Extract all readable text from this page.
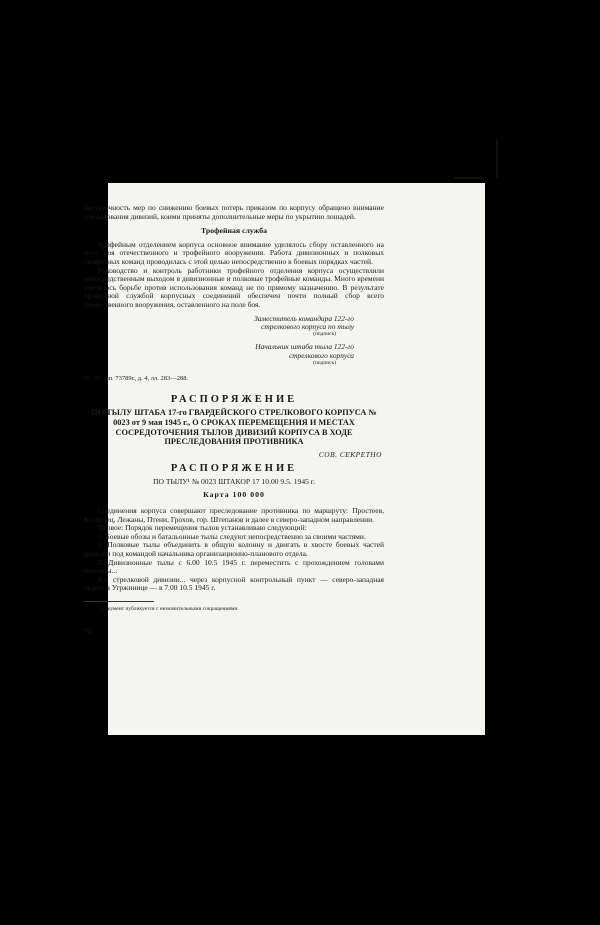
достаточность мер по снижению боевых потерь приказом по корпусу обращено внимание командования дивизий, коими приняты дополнительные меры по укрытию лошадей.

Трофейная служба

Трофейным отделением корпуса основное внимание уделялось сбору оставленного на поле боя отечественного и трофейного вооружения. Работа дивизионных и полковых трофейных команд проводилась с этой целью непосредственно в боевых порядках частей.

Руководство и контроль работники трофейного отделения корпуса осуществляли непосредственным выходом в дивизионные и полковые трофейные команды. Много времени уделялось борьбе против использования команд не по прямому назначению. В результате трофейной службой корпусных соединений обеспечен почти полный сбор всего отечественного вооружения, оставленного на поле боя.

Заместитель командира 122-го
стрелкового корпуса по тылу
(подпись)
Начальник штаба тыла 122-го
стрелкового корпуса
(подпись)
Ф. 397, оп. 73789с, д. 4, лл. 283—288.
РАСПОРЯЖЕНИЕ
ПО ТЫЛУ ШТАБА 17-го ГВАРДЕЙСКОГО СТРЕЛКОВОГО КОРПУСА № 0023 от 9 мая 1945 г., О СРОКАХ ПЕРЕМЕЩЕНИЯ И МЕСТАХ СОСРЕДОТОЧЕНИЯ ТЫЛОВ ДИВИЗИЙ КОРПУСА В ХОДЕ ПРЕСЛЕДОВАНИЯ ПРОТИВНИКА
СОВ. СЕКРЕТНО
РАСПОРЯЖЕНИЕ
ПО ТЫЛУ¹ № 0023 ШТАКОР 17 10.00 9.5. 1945 г.
Карта 100 000

Соединения корпуса совершают преследование противника по маршруту: Простеев, Костелец, Лежаны, Птени, Грохов, гор. Штепанов и далее в северо-западном направлении.

Первое: Порядок перемещения тылов устанавливаю следующий:

1. Боевые обозы и батальонные тылы следуют непосредственно за своими частями.

2. Полковые тылы объединить в общую колонну и двигать в хвосте боевых частей дивизии под командой начальника организационно-планового отдела.

3. Дивизионные тылы с 6.00 10.5 1945 г. переместить с прохождением головами колонны...

8-й стрелковой дивизии... через корпусной контрольный пункт — северо-западная окраина Угржинице — в 7.00 10.5 1945 г.

¹ Документ публикуется с незначительными сокращениями.
72
